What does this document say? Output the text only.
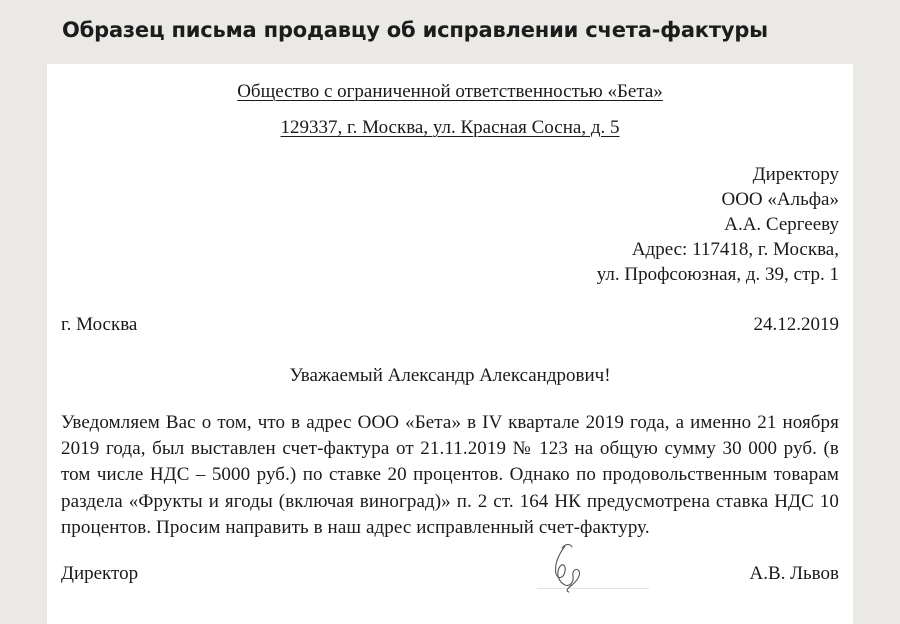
Образец письма продавцу об исправлении счета-фактуры
Общество с ограниченной ответственностью «Бета»
129337, г. Москва, ул. Красная Сосна, д. 5
Директору
ООО «Альфа»
А.А. Сергееву
Адрес: 117418, г. Москва,
ул. Профсоюзная, д. 39, стр. 1
г. Москва	24.12.2019
Уважаемый Александр Александрович!
Уведомляем Вас о том, что в адрес ООО «Бета» в IV квартале 2019 года, а именно 21 ноября 2019 года, был выставлен счет-фактура от 21.11.2019 № 123 на общую сумму 30 000 руб. (в том числе НДС – 5000 руб.) по ставке 20 процентов. Однако по продовольственным товарам раздела «Фрукты и ягоды (включая виноград)» п. 2 ст. 164 НК предусмотрена ставка НДС 10 процентов. Просим направить в наш адрес исправленный счет-фактуру.
Директор	А.В. Львов
